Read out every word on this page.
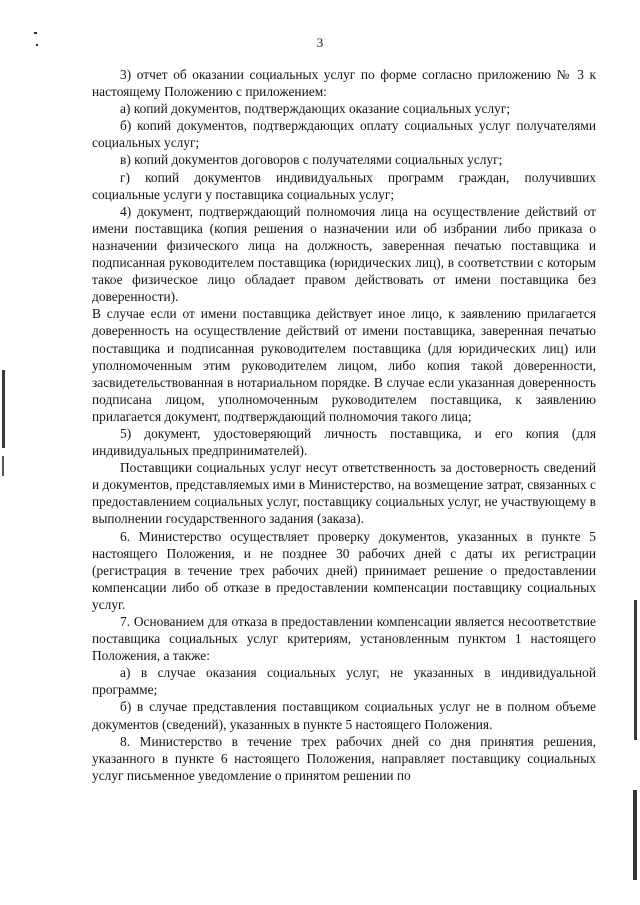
3

3) отчет об оказании социальных услуг по форме согласно приложению № 3 к настоящему Положению с приложением:

а) копий документов, подтверждающих оказание социальных услуг;

б) копий документов, подтверждающих оплату социальных услуг получателями социальных услуг;

в) копий документов договоров с получателями социальных услуг;

г) копий документов индивидуальных программ граждан, получивших социальные услуги у поставщика социальных услуг;

4) документ, подтверждающий полномочия лица на осуществление действий от имени поставщика (копия решения о назначении или об избрании либо приказа о назначении физического лица на должность, заверенная печатью поставщика и подписанная руководителем поставщика (юридических лиц), в соответствии с которым такое физическое лицо обладает правом действовать от имени поставщика без доверенности).

В случае если от имени поставщика действует иное лицо, к заявлению прилагается доверенность на осуществление действий от имени поставщика, заверенная печатью поставщика и подписанная руководителем поставщика (для юридических лиц) или уполномоченным этим руководителем лицом, либо копия такой доверенности, засвидетельствованная в нотариальном порядке. В случае если указанная доверенность подписана лицом, уполномоченным руководителем поставщика, к заявлению прилагается документ, подтверждающий полномочия такого лица;

5) документ, удостоверяющий личность поставщика, и его копия (для индивидуальных предпринимателей).

Поставщики социальных услуг несут ответственность за достоверность сведений и документов, представляемых ими в Министерство, на возмещение затрат, связанных с предоставлением социальных услуг, поставщику социальных услуг, не участвующему в выполнении государственного задания (заказа).

6. Министерство осуществляет проверку документов, указанных в пункте 5 настоящего Положения, и не позднее 30 рабочих дней с даты их регистрации (регистрация в течение трех рабочих дней) принимает решение о предоставлении компенсации либо об отказе в предоставлении компенсации поставщику социальных услуг.

7. Основанием для отказа в предоставлении компенсации является несоответствие поставщика социальных услуг критериям, установленным пунктом 1 настоящего Положения, а также:

а) в случае оказания социальных услуг, не указанных в индивидуальной программе;

б) в случае представления поставщиком социальных услуг не в полном объеме документов (сведений), указанных в пункте 5 настоящего Положения.

8. Министерство в течение трех рабочих дней со дня принятия решения, указанного в пункте 6 настоящего Положения, направляет поставщику социальных услуг письменное уведомление о принятом решении по
